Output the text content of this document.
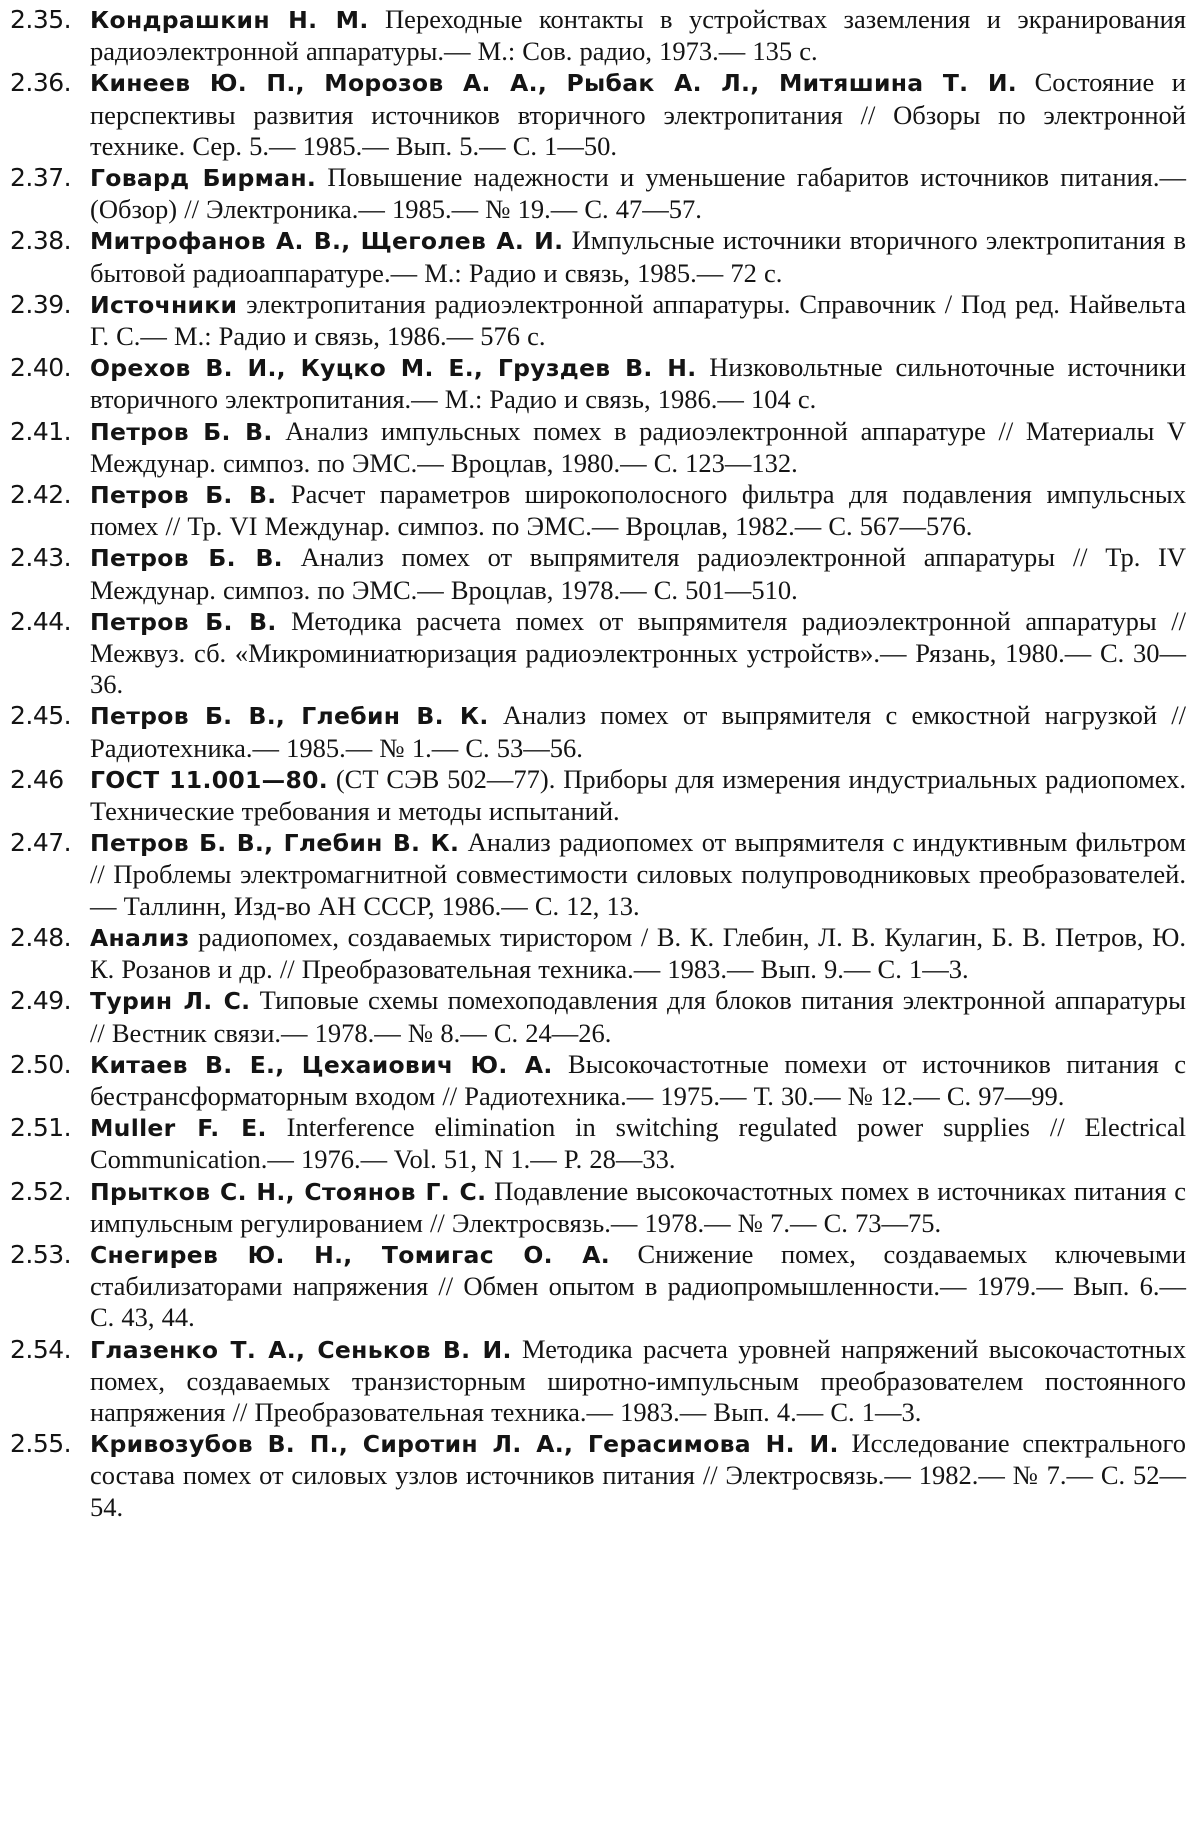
2.35. Кондрашкин Н. М. Переходные контакты в устройствах заземления и экранирования радиоэлектронной аппаратуры.— М.: Сов. радио, 1973.— 135 с.
2.36. Кинеев Ю. П., Морозов А. А., Рыбак А. Л., Митяшина Т. И. Состояние и перспективы развития источников вторичного электропитания // Обзоры по электронной технике. Сер. 5.— 1985.— Вып. 5.— С. 1—50.
2.37. Говард Бирман. Повышение надежности и уменьшение габаритов источников питания.— (Обзор) // Электроника.— 1985.— № 19.— С. 47—57.
2.38. Митрофанов А. В., Щеголев А. И. Импульсные источники вторичного электропитания в бытовой радиоаппаратуре.— М.: Радио и связь, 1985.— 72 с.
2.39. Источники электропитания радиоэлектронной аппаратуры. Справочник / Под ред. Найвельта Г. С.— М.: Радио и связь, 1986.— 576 с.
2.40. Орехов В. И., Куцко М. Е., Груздев В. Н. Низковольтные сильноточные источники вторичного электропитания.— М.: Радио и связь, 1986.— 104 с.
2.41. Петров Б. В. Анализ импульсных помех в радиоэлектронной аппаратуре // Материалы V Междунар. симпоз. по ЭМС.— Вроцлав, 1980.— С. 123—132.
2.42. Петров Б. В. Расчет параметров широкополосного фильтра для подавления импульсных помех // Тр. VI Междунар. симпоз. по ЭМС.— Вроцлав, 1982.— С. 567—576.
2.43. Петров Б. В. Анализ помех от выпрямителя радиоэлектронной аппаратуры // Тр. IV Междунар. симпоз. по ЭМС.— Вроцлав, 1978.— С. 501—510.
2.44. Петров Б. В. Методика расчета помех от выпрямителя радиоэлектронной аппаратуры // Межвуз. сб. «Микроминиатюризация радиоэлектронных устройств».— Рязань, 1980.— С. 30—36.
2.45. Петров Б. В., Глебин В. К. Анализ помех от выпрямителя с емкостной нагрузкой // Радиотехника.— 1985.— № 1.— С. 53—56.
2.46	ГОСТ 11.001—80. (СТ СЭВ 502—77). Приборы для измерения индустриальных радиопомех. Технические требования и методы испытаний.
2.47. Петров Б. В., Глебин В. К. Анализ радиопомех от выпрямителя с индуктивным фильтром // Проблемы электромагнитной совместимости силовых полупроводниковых преобразователей.— Таллинн, Изд-во АН СССР, 1986.— С. 12, 13.
2.48. Анализ радиопомех, создаваемых тиристором / В. К. Глебин, Л. В. Кулагин, Б. В. Петров, Ю. К. Розанов и др. // Преобразовательная техника.— 1983.— Вып. 9.— С. 1—3.
2.49. Турин Л. С. Типовые схемы помехоподавления для блоков питания электронной аппаратуры // Вестник связи.— 1978.— № 8.— С. 24—26.
2.50. Китаев В. Е., Цехаиович Ю. А. Высокочастотные помехи от источников питания с бестрансформаторным входом // Радиотехника.— 1975.— Т. 30.— № 12.— С. 97—99.
2.51. Muller F. E. Interference elimination in switching regulated power supplies // Electrical Communication.— 1976.— Vol. 51, N 1.— P. 28—33.
2.52. Прытков С. Н., Стоянов Г. С. Подавление высокочастотных помех в источниках питания с импульсным регулированием // Электросвязь.— 1978.— № 7.— С. 73—75.
2.53. Снегирев Ю. Н., Томигас О. А. Снижение помех, создаваемых ключевыми стабилизаторами напряжения // Обмен опытом в радиопромышленности.— 1979.— Вып. 6.— С. 43, 44.
2.54. Глазенко Т. А., Сеньков В. И. Методика расчета уровней напряжений высокочастотных помех, создаваемых транзисторным широтно-импульсным преобразователем постоянного напряжения // Преобразовательная техника.— 1983.— Вып. 4.— С. 1—3.
2.55. Кривозубов В. П., Сиротин Л. А., Герасимова Н. И. Исследование спектрального состава помех от силовых узлов источников питания // Электросвязь.— 1982.— № 7.— С. 52—54.
